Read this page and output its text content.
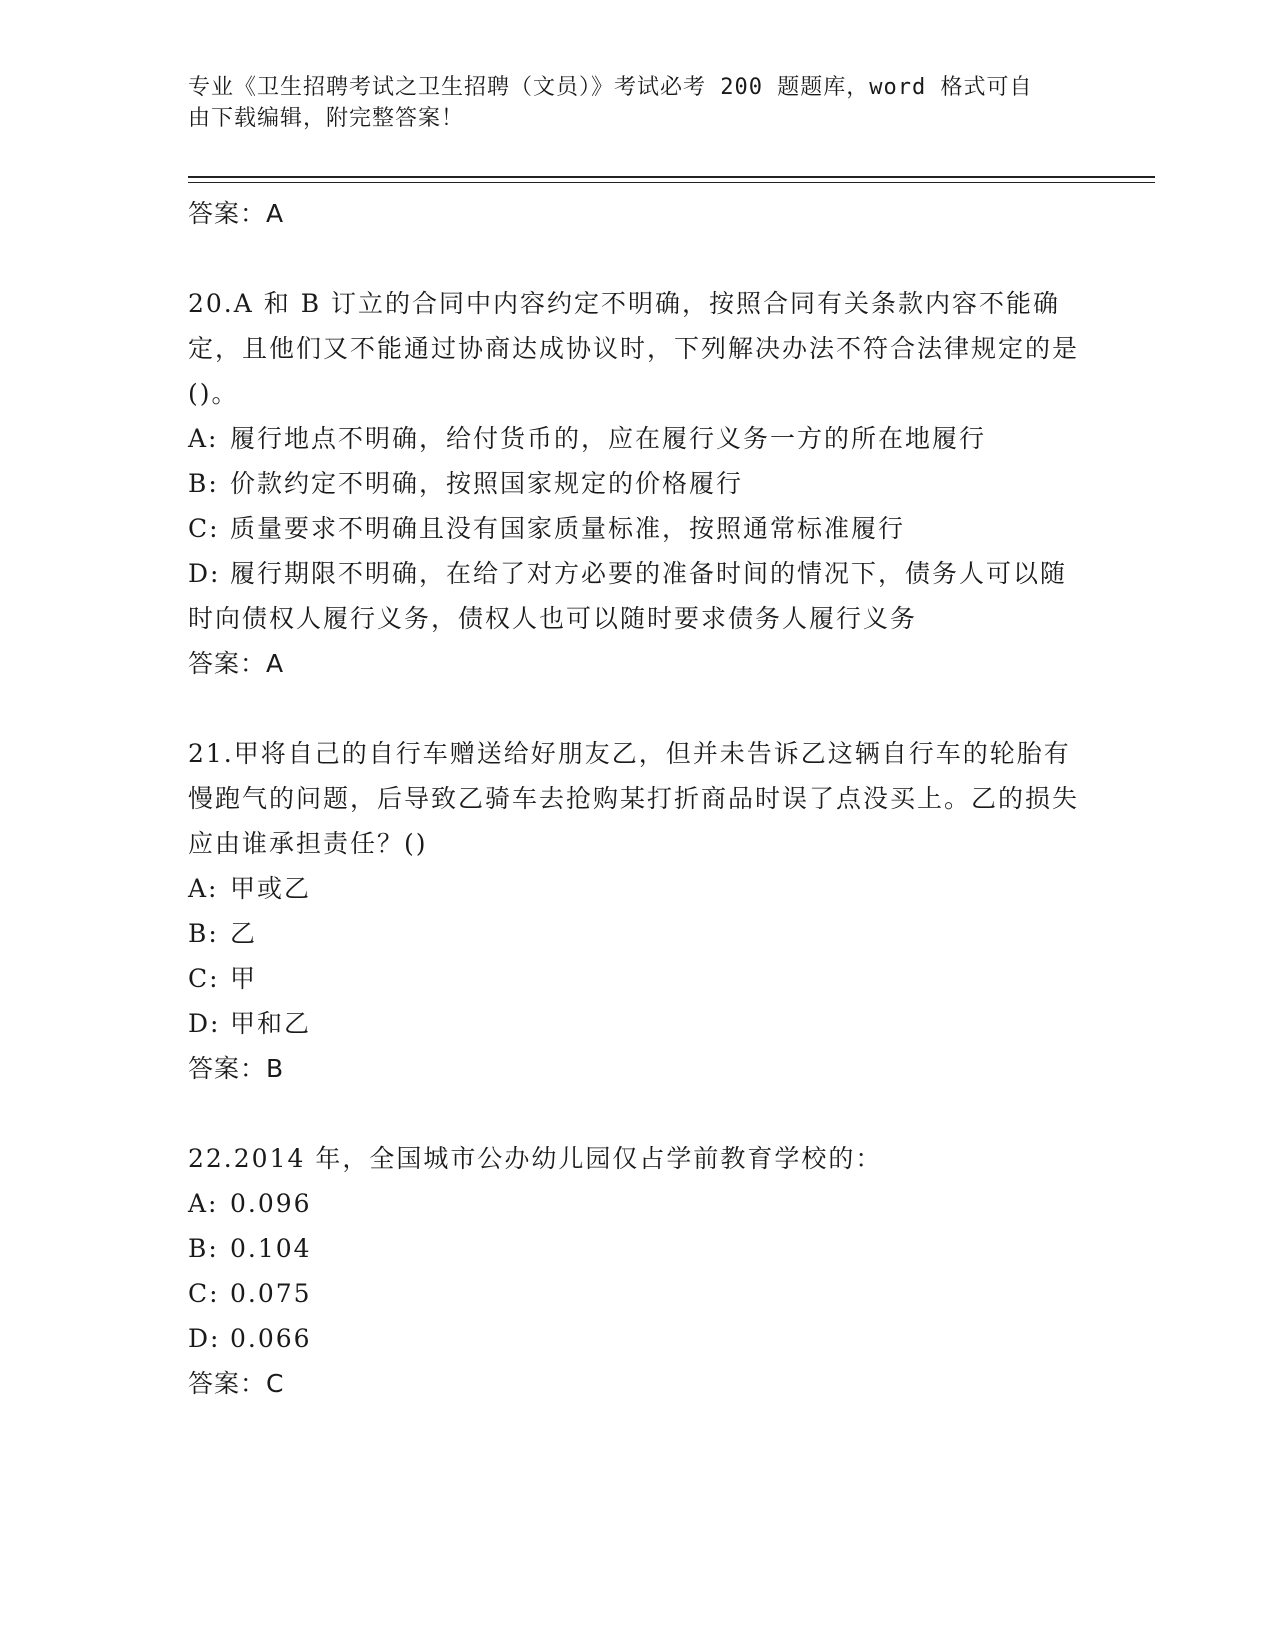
专业《卫生招聘考试之卫生招聘（文员）》考试必考 200 题题库，word 格式可自
由下载编辑，附完整答案！
答案：A

20.A 和 B 订立的合同中内容约定不明确，按照合同有关条款内容不能确定，且他们又不能通过协商达成协议时，下列解决办法不符合法律规定的是()。

A: 履行地点不明确，给付货币的，应在履行义务一方的所在地履行
B: 价款约定不明确，按照国家规定的价格履行
C: 质量要求不明确且没有国家质量标准，按照通常标准履行
D: 履行期限不明确，在给了对方必要的准备时间的情况下，债务人可以随时向债权人履行义务，债权人也可以随时要求债务人履行义务
答案：A

21.甲将自己的自行车赠送给好朋友乙，但并未告诉乙这辆自行车的轮胎有慢跑气的问题，后导致乙骑车去抢购某打折商品时误了点没买上。乙的损失应由谁承担责任？()

A: 甲或乙
B: 乙
C: 甲
D: 甲和乙
答案：B

22.2014 年，全国城市公办幼儿园仅占学前教育学校的：

A: 0.096
B: 0.104
C: 0.075
D: 0.066
答案：C
